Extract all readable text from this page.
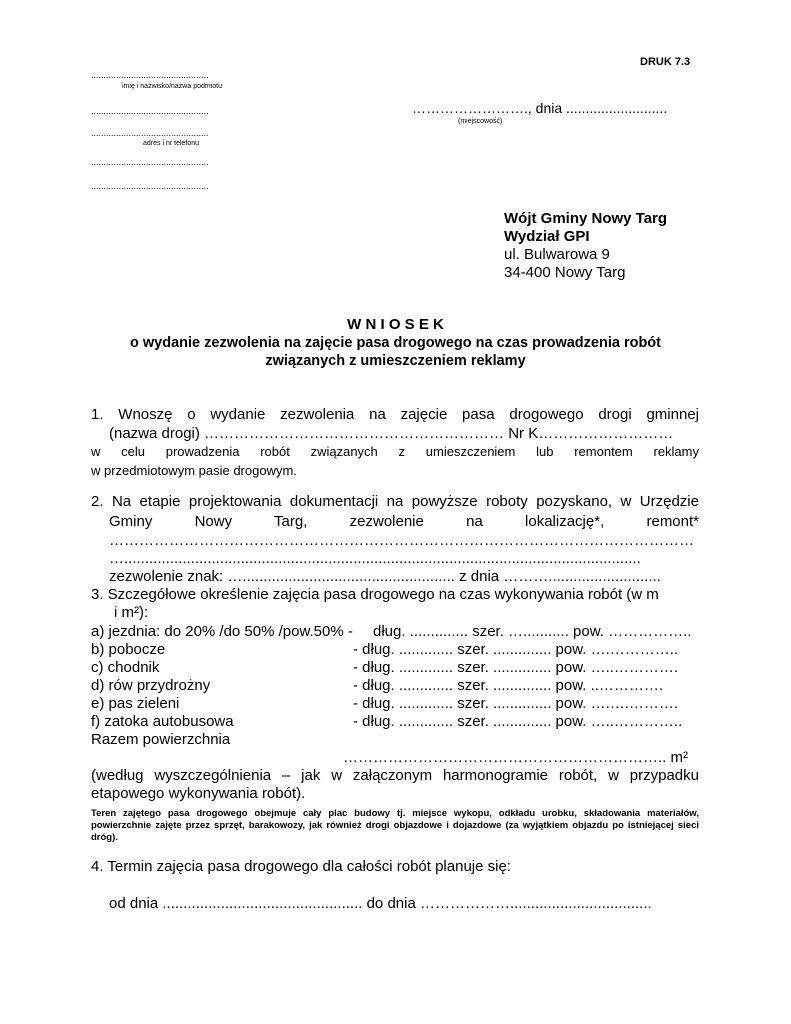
DRUK 7.3
...............................................
imię i nazwisko/nazwa podmiotu
...............................................
...............................................
adres i nr telefonu
...............................................
...............................................
……………………., dnia ..........................
(miejscowość)
Wójt Gminy Nowy Targ
Wydział GPI
ul. Bulwarowa 9
34-400 Nowy Targ
W N I O S E K
o wydanie zezwolenia na zajęcie pasa drogowego na czas prowadzenia robót
związanych z umieszczeniem reklamy
1. Wnoszę o wydanie zezwolenia na zajęcie pasa drogowego drogi gminnej
(nazwa drogi) …………………………………………………… Nr K………………………
w celu prowadzenia robót związanych z umieszczeniem lub remontem reklamy
w przedmiotowym pasie drogowym.
2. Na etapie projektowania dokumentacji na powyższe roboty pozyskano, w Urzędzie
Gminy Nowy Targ, zezwolenie na lokalizację*, remont*
………………………………………………………………………………………………………
…............................................................................................................................
zezwolenie znak: …................................................... z dnia ………...........................
3. Szczegółowe określenie zajęcia pasa drogowego na czas wykonywania robót (w m
i m²):
a) jezdnia: do 20% /do 50% /pow.50% - dług. .............. szer. …........... pow. ……………..
b) pobocze	- dług. ............. szer. .............. pow. ….…………..
c) chodnik	- dług. ............. szer. .............. pow. …..………….
d) rów przydrożny	- dług. ............. szer. .............. pow. ..………….
e) pas zieleni	- dług. ............. szer. .............. pow. ….….……….
f) zatoka autobusowa	- dług. ............. szer. .............. pow. …..…………..
Razem powierzchnia
……………………………………………………….. m²
(według wyszczególnienia – jak w załączonym harmonogramie robót, w przypadku
etapowego wykonywania robót).
Teren zajętego pasa drogowego obejmuje cały plac budowy tj. miejsce wykopu, odkładu urobku, składowania materiałów, powierzchnie zajęte przez sprzęt, barakowozy, jak również drogi objazdowe i dojazdowe (za wyjątkiem objazdu po istniejącej sieci dróg).
4. Termin zajęcia pasa drogowego dla całości robót planuje się:
od dnia ................................................ do dnia ………………..................................
